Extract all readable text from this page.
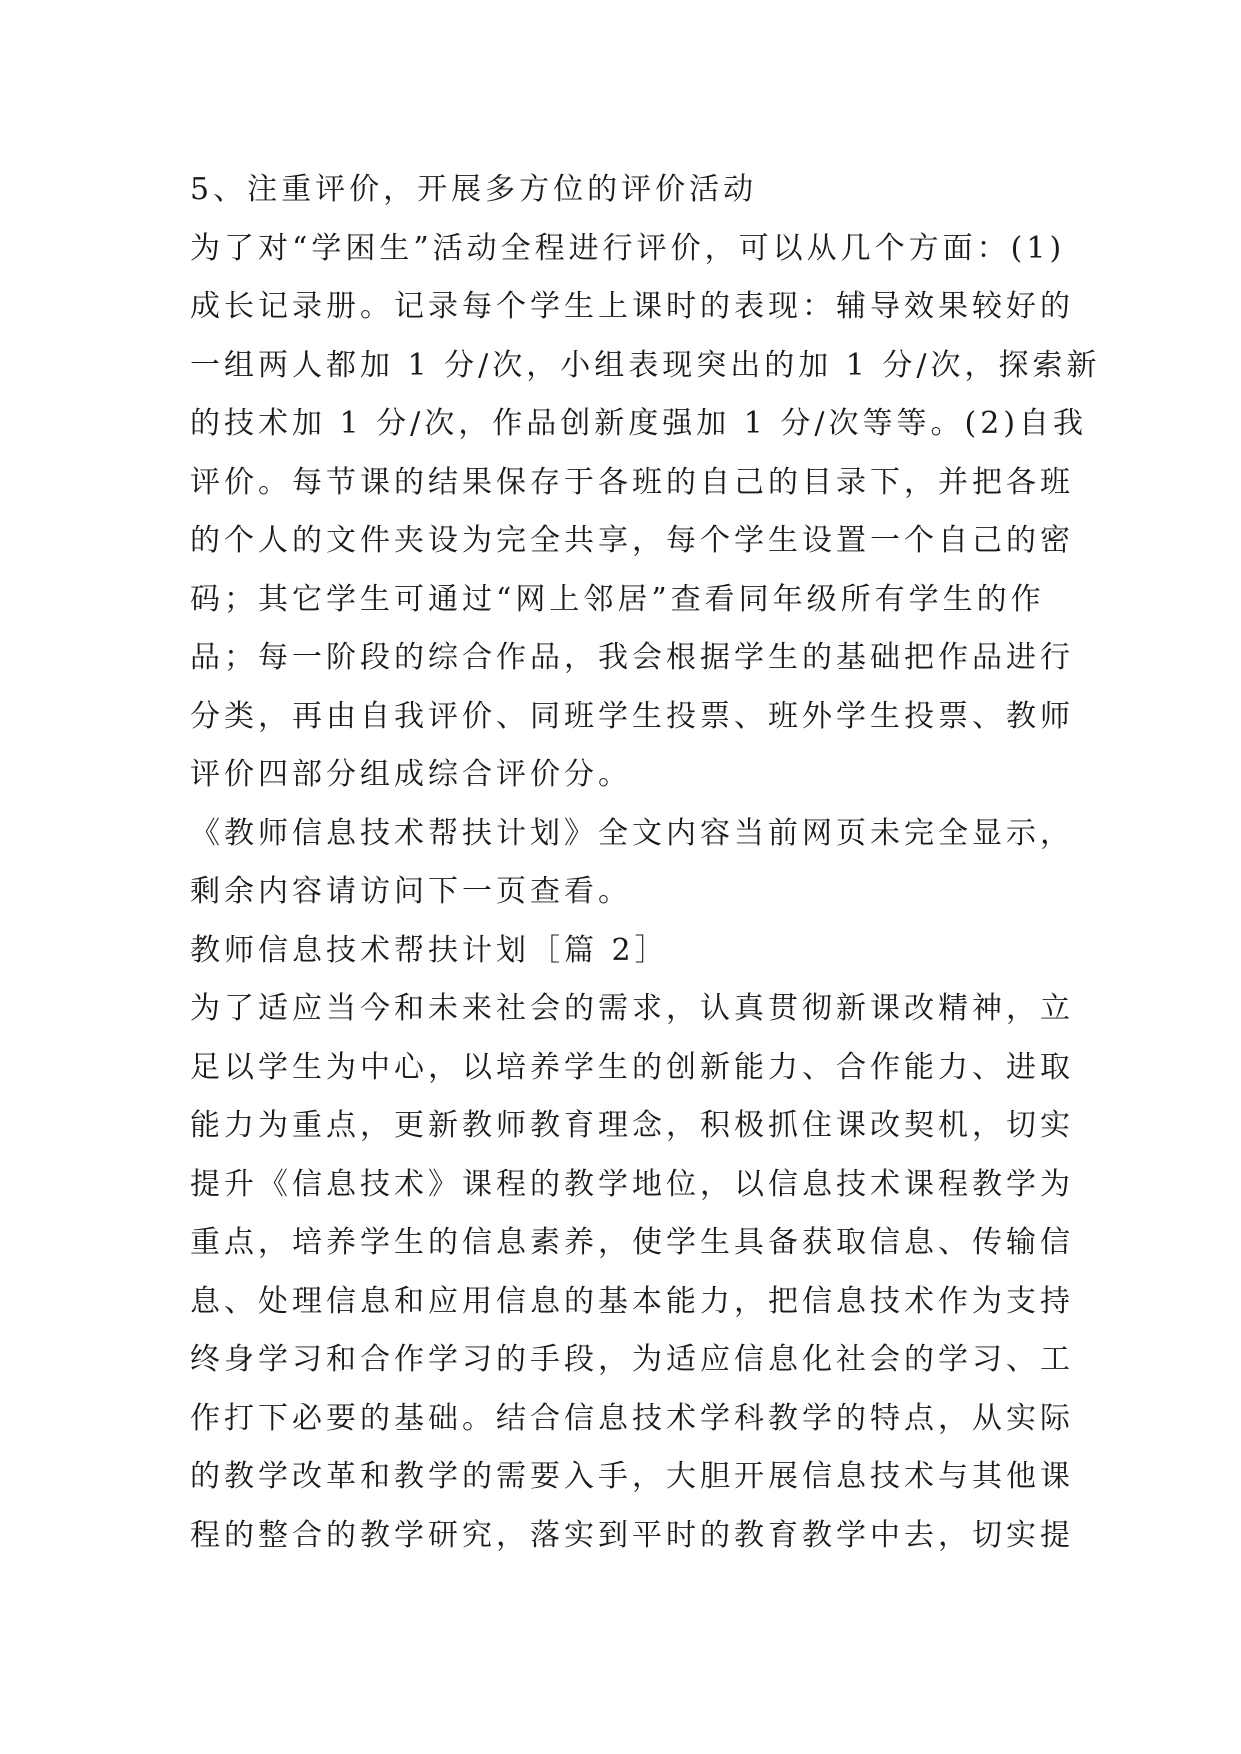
5、注重评价，开展多方位的评价活动
为了对“学困生”活动全程进行评价，可以从几个方面：(1)
成长记录册。记录每个学生上课时的表现：辅导效果较好的
一组两人都加 1 分/次，小组表现突出的加 1 分/次，探索新
的技术加 1 分/次，作品创新度强加 1 分/次等等。(2)自我
评价。每节课的结果保存于各班的自己的目录下，并把各班
的个人的文件夹设为完全共享，每个学生设置一个自己的密
码；其它学生可通过“网上邻居”查看同年级所有学生的作
品；每一阶段的综合作品，我会根据学生的基础把作品进行
分类，再由自我评价、同班学生投票、班外学生投票、教师
评价四部分组成综合评价分。
《教师信息技术帮扶计划》全文内容当前网页未完全显示，
剩余内容请访问下一页查看。
教师信息技术帮扶计划［篇 2］
为了适应当今和未来社会的需求，认真贯彻新课改精神，立
足以学生为中心，以培养学生的创新能力、合作能力、进取
能力为重点，更新教师教育理念，积极抓住课改契机，切实
提升《信息技术》课程的教学地位，以信息技术课程教学为
重点，培养学生的信息素养，使学生具备获取信息、传输信
息、处理信息和应用信息的基本能力，把信息技术作为支持
终身学习和合作学习的手段，为适应信息化社会的学习、工
作打下必要的基础。结合信息技术学科教学的特点，从实际
的教学改革和教学的需要入手，大胆开展信息技术与其他课
程的整合的教学研究，落实到平时的教育教学中去，切实提
